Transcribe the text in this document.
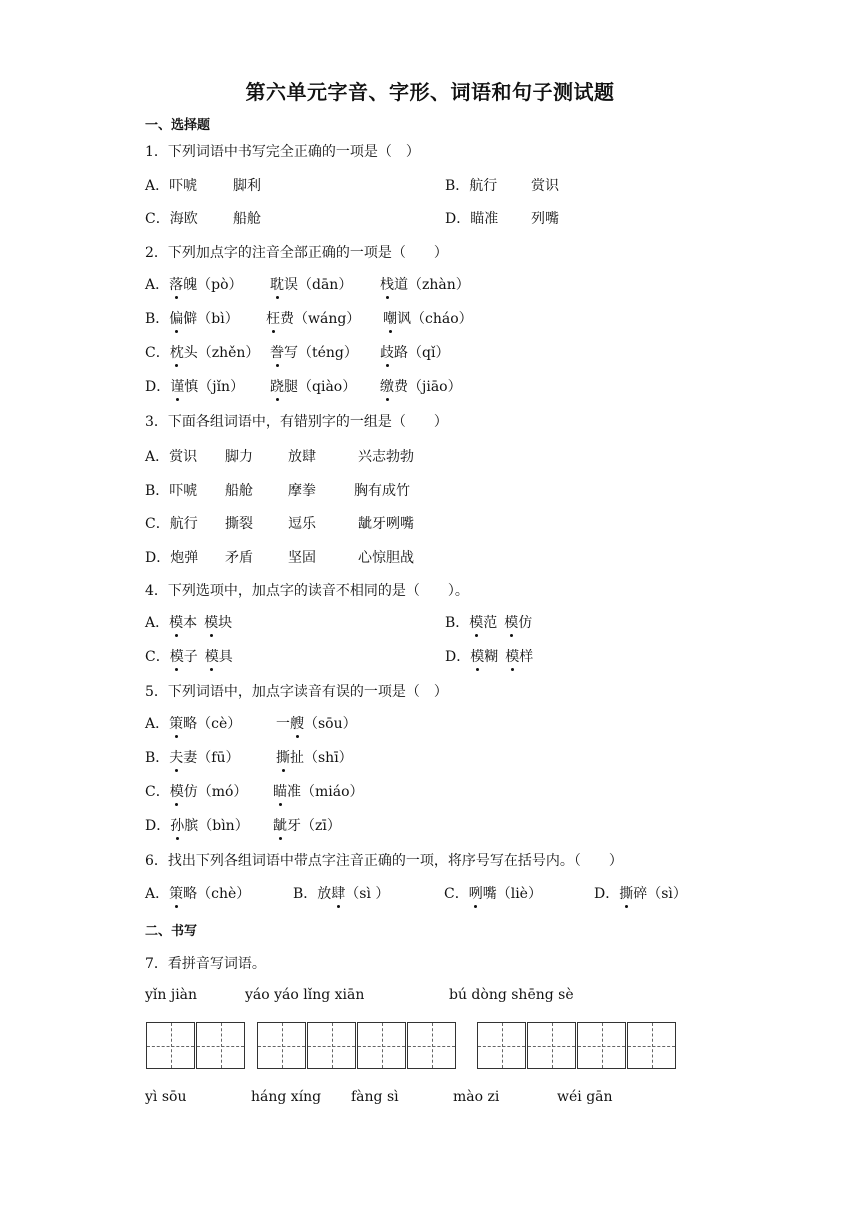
第六单元字音、字形、词语和句子测试题
一、选择题
1．下列词语中书写完全正确的一项是（　）
A．吓唬	脚利	B．航行 赏识
C．海欧	船舱	D．瞄准 列嘴
2．下列加点字的注音全部正确的一项是（　　）
A．落魄（pò） 耽误（dān） 栈道（zhàn）
B．偏僻（bì） 枉费（wáng） 嘲讽（cháo）
C．枕头（zhěn） 誊写（téng） 歧路（qǐ）
D．谨慎（jǐn） 跷腿（qiào） 缴费（jiāo）
3．下面各组词语中，有错别字的一组是（　　）
A．赏识 脚力	放肆	兴志勃勃
B．吓唬 船舱	摩拳	胸有成竹
C．航行 撕裂	逗乐	龇牙咧嘴
D．炮弹 矛盾	坚固	心惊胆战
4．下列选项中，加点字的读音不相同的是（　　）。
A．模本  模块	B．模范  模仿
C．模子  模具	D．模糊  模样
5．下列词语中，加点字读音有误的一项是（　）
A．策略（cè） 一艘（sōu）
B．夫妻（fū）	撕扯（shī）
C．模仿（mó） 瞄准（miáo）
D．孙膑（bìn） 龇牙（zī）
6．找出下列各组词语中带点字注音正确的一项，将序号写在括号内。（　　）
A．策略（chè）	B．放肆（sì ）	C．咧嘴（liè）	D．撕碎（sì）
二、书写
7．看拼音写词语。
yǐn jiàn	yáo yáo lǐng xiān	bú dòng shēng sè
yì sōu	háng xíng fàng sì	mào zi	wéi gān
